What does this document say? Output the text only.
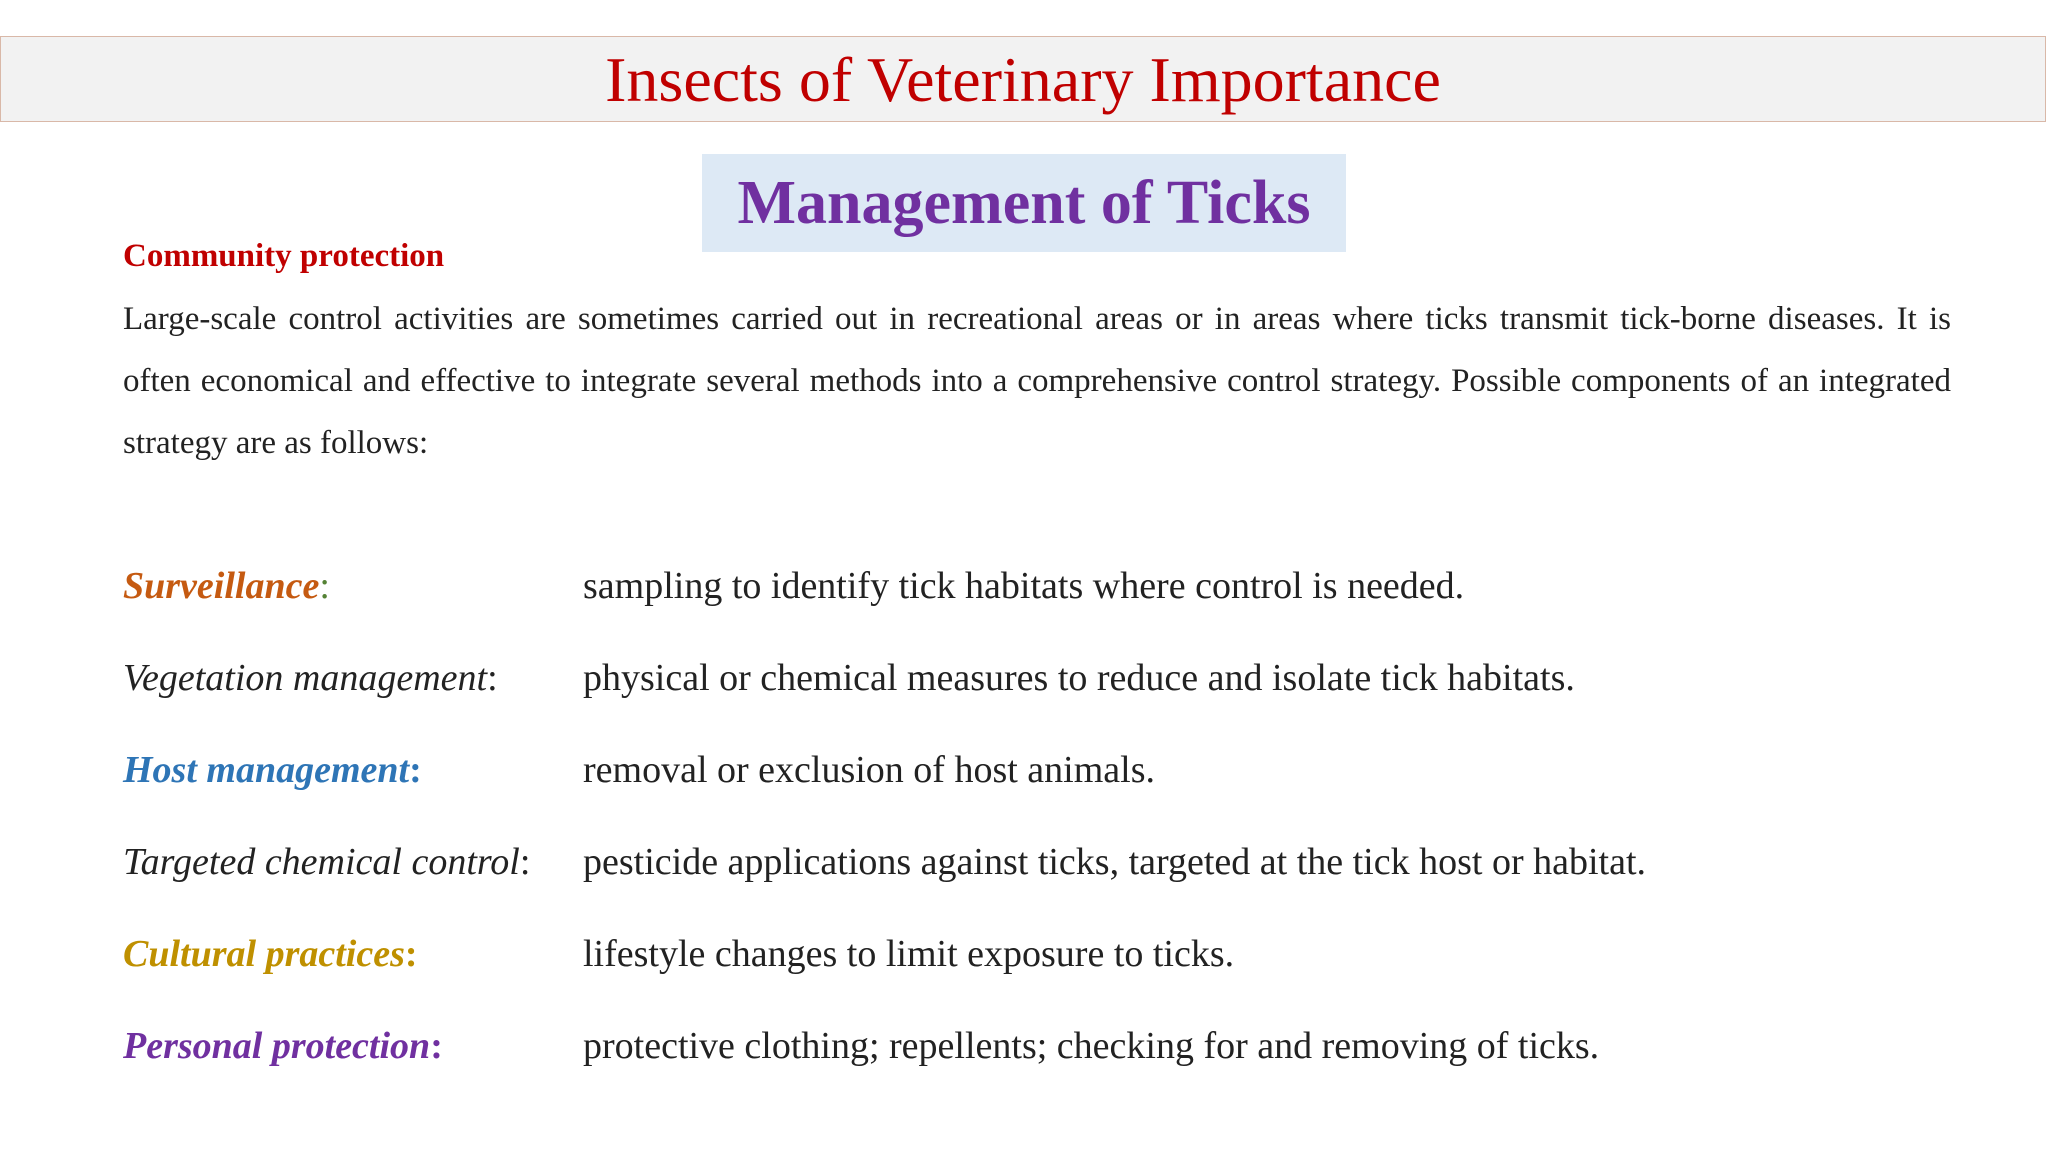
Insects of Veterinary Importance
Management of Ticks
Community protection

Large-scale control activities are sometimes carried out in recreational areas or in areas where ticks transmit tick-borne diseases. It is often economical and effective to integrate several methods into a comprehensive control strategy. Possible components of an integrated strategy are as follows:

Surveillance:	sampling to identify tick habitats where control is needed.
Vegetation management:	physical or chemical measures to reduce and isolate tick habitats.
Host management:	removal or exclusion of host animals.
Targeted chemical control:	pesticide applications against ticks, targeted at the tick host or habitat.
Cultural practices:	lifestyle changes to limit exposure to ticks.
Personal protection:	protective clothing; repellents; checking for and removing of ticks.
